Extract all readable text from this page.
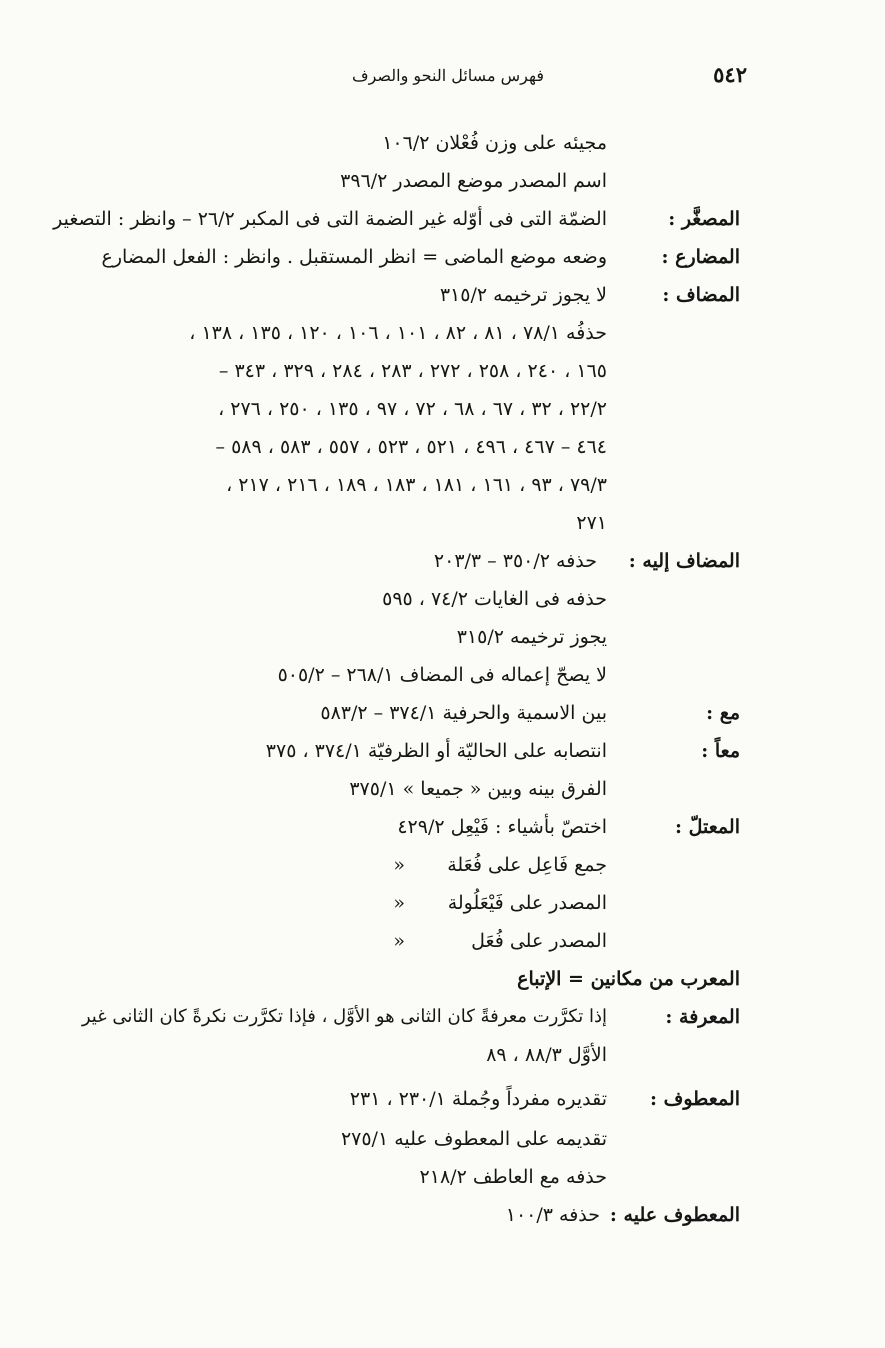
٥٤٢
فهرس مسائل النحو والصرف
مجيئه على وزن فُعْلان ١٠٦/٢
اسم المصدر موضع المصدر ٣٩٦/٢
المصغَّر :
الضمّة التى فى أوّله غير الضمة التى فى المكبر ٢٦/٢ – وانظر : التصغير
المضارع :
وضعه موضع الماضى = انظر المستقبل . وانظر : الفعل المضارع
المضاف :
لا يجوز ترخيمه ٣١٥/٢
حذفُه ٧٨/١ ، ٨١ ، ٨٢ ، ١٠١ ، ١٠٦ ، ١٢٠ ، ١٣٥ ، ١٣٨ ،
١٦٥ ، ٢٤٠ ، ٢٥٨ ، ٢٧٢ ، ٢٨٣ ، ٢٨٤ ، ٣٢٩ ، ٣٤٣ –
٢٢/٢ ، ٣٢ ، ٦٧ ، ٦٨ ، ٧٢ ، ٩٧ ، ١٣٥ ، ٢٥٠ ، ٢٧٦ ،
٤٦٤ – ٤٦٧ ، ٤٩٦ ، ٥٢١ ، ٥٢٣ ، ٥٥٧ ، ٥٨٣ ، ٥٨٩ –
٧٩/٣ ، ٩٣ ، ١٦١ ، ١٨١ ، ١٨٣ ، ١٨٩ ، ٢١٦ ، ٢١٧ ،
٢٧١
المضاف إليه :
حذفه ٣٥٠/٢ – ٢٠٣/٣
حذفه فى الغايات ٧٤/٢ ، ٥٩٥
يجوز ترخيمه ٣١٥/٢
لا يصحّ إعماله فى المضاف ٢٦٨/١ – ٥٠٥/٢
مع :
بين الاسمية والحرفية ٣٧٤/١ – ٥٨٣/٢
معاً :
انتصابه على الحاليّة أو الظرفيّة ٣٧٤/١ ، ٣٧٥
الفرق بينه وبين « جميعا » ٣٧٥/١
المعتلّ :
اختصّ بأشياء : فَيْعِل ٤٢٩/٢
جمع فَاعِل على فُعَلة
«
المصدر على فَيْعَلُولة
«
المصدر على فُعَل
«
المعرب من مكانين = الإتباع
المعرفة :
إذا تكرَّرت معرفةً كان الثانى هو الأوَّل ، فإذا تكرَّرت نكرةً كان الثانى غير
الأوَّل ٨٨/٣ ، ٨٩
المعطوف :
تقديره مفرداً وجُملة ٢٣٠/١ ، ٢٣١
تقديمه على المعطوف عليه ٢٧٥/١
حذفه مع العاطف ٢١٨/٢
المعطوف عليه :
حذفه ١٠٠/٣
